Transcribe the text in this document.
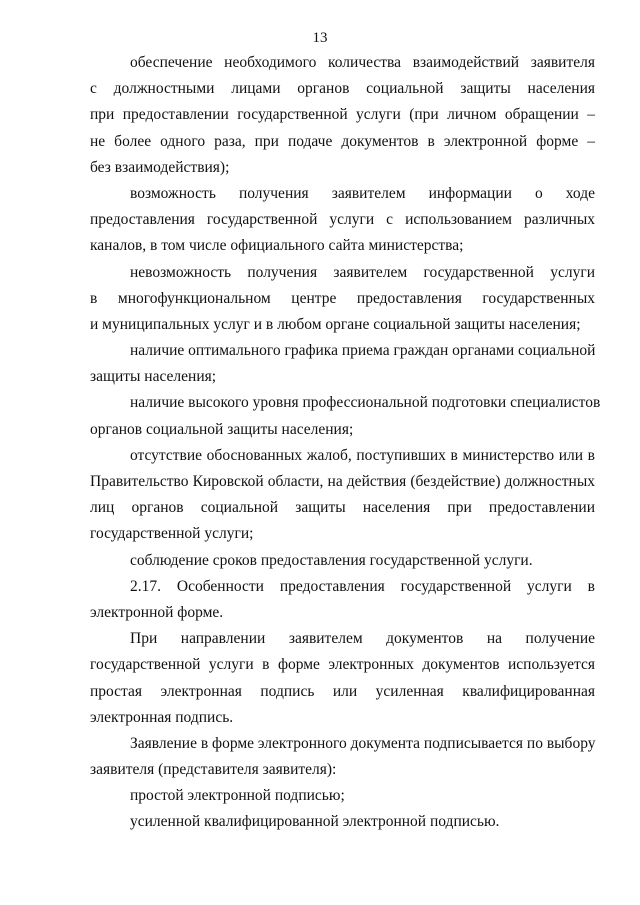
13
обеспечение необходимого количества взаимодействий заявителя
с должностными лицами органов социальной защиты населения
при предоставлении государственной услуги (при личном обращении –
не более одного раза, при подаче документов в электронной форме –
без взаимодействия);
возможность получения заявителем информации о ходе
предоставления государственной услуги с использованием различных
каналов, в том числе официального сайта министерства;
невозможность получения заявителем государственной услуги
в многофункциональном центре предоставления государственных
и муниципальных услуг и в любом органе социальной защиты населения;
наличие оптимального графика приема граждан органами социальной
защиты населения;
наличие высокого уровня профессиональной подготовки специалистов
органов социальной защиты населения;
отсутствие обоснованных жалоб, поступивших в министерство или в
Правительство Кировской области, на действия (бездействие) должностных
лиц органов социальной защиты населения при предоставлении
государственной услуги;
соблюдение сроков предоставления государственной услуги.
2.17. Особенности предоставления государственной услуги в
электронной форме.
При направлении заявителем документов на получение
государственной услуги в форме электронных документов используется
простая электронная подпись или усиленная квалифицированная
электронная подпись.
Заявление в форме электронного документа подписывается по выбору
заявителя (представителя заявителя):
простой электронной подписью;
усиленной квалифицированной электронной подписью.
